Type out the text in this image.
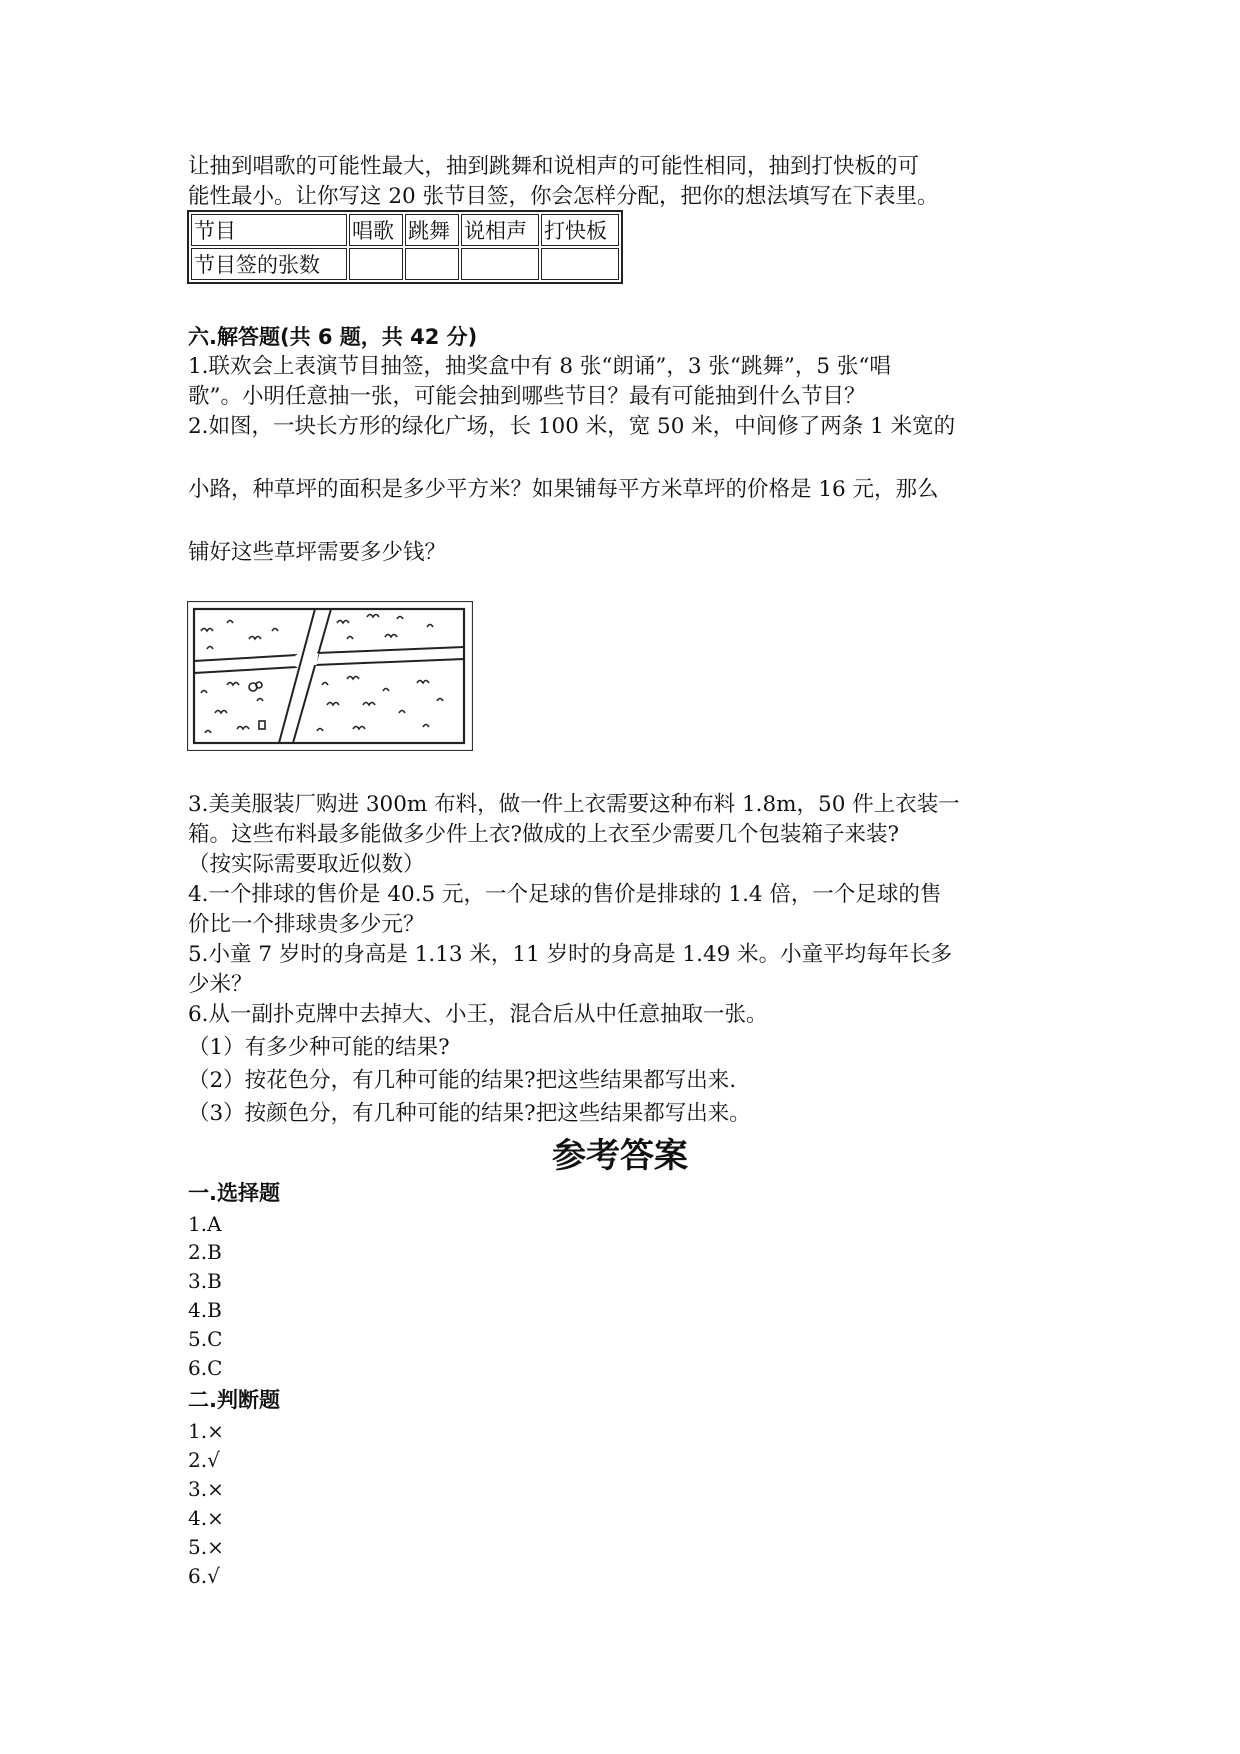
让抽到唱歌的可能性最大，抽到跳舞和说相声的可能性相同，抽到打快板的可
能性最小。让你写这 20 张节目签，你会怎样分配，把你的想法填写在下表里。
节目	唱歌	跳舞	说相声	打快板
节目签的张数				
六.解答题(共 6 题，共 42 分)
1.联欢会上表演节目抽签，抽奖盒中有 8 张“朗诵”，3 张“跳舞”，5 张“唱
歌”。小明任意抽一张，可能会抽到哪些节目？最有可能抽到什么节目？
2.如图，一块长方形的绿化广场，长 100 米，宽 50 米，中间修了两条 1 米宽的
小路，种草坪的面积是多少平方米？如果铺每平方米草坪的价格是 16 元，那么
铺好这些草坪需要多少钱？
3.美美服装厂购进 300m 布料，做一件上衣需要这种布料 1.8m，50 件上衣装一
箱。这些布料最多能做多少件上衣?做成的上衣至少需要几个包装箱子来装?
（按实际需要取近似数）
4.一个排球的售价是 40.5 元，一个足球的售价是排球的 1.4 倍，一个足球的售
价比一个排球贵多少元？
5.小童 7 岁时的身高是 1.13 米，11 岁时的身高是 1.49 米。小童平均每年长多
少米？
6.从一副扑克牌中去掉大、小王，混合后从中任意抽取一张。
（1）有多少种可能的结果?
（2）按花色分，有几种可能的结果?把这些结果都写出来.
（3）按颜色分，有几种可能的结果?把这些结果都写出来。
参考答案
一.选择题
1.A
2.B
3.B
4.B
5.C
6.C
二.判断题
1.×
2.√
3.×
4.×
5.×
6.√
